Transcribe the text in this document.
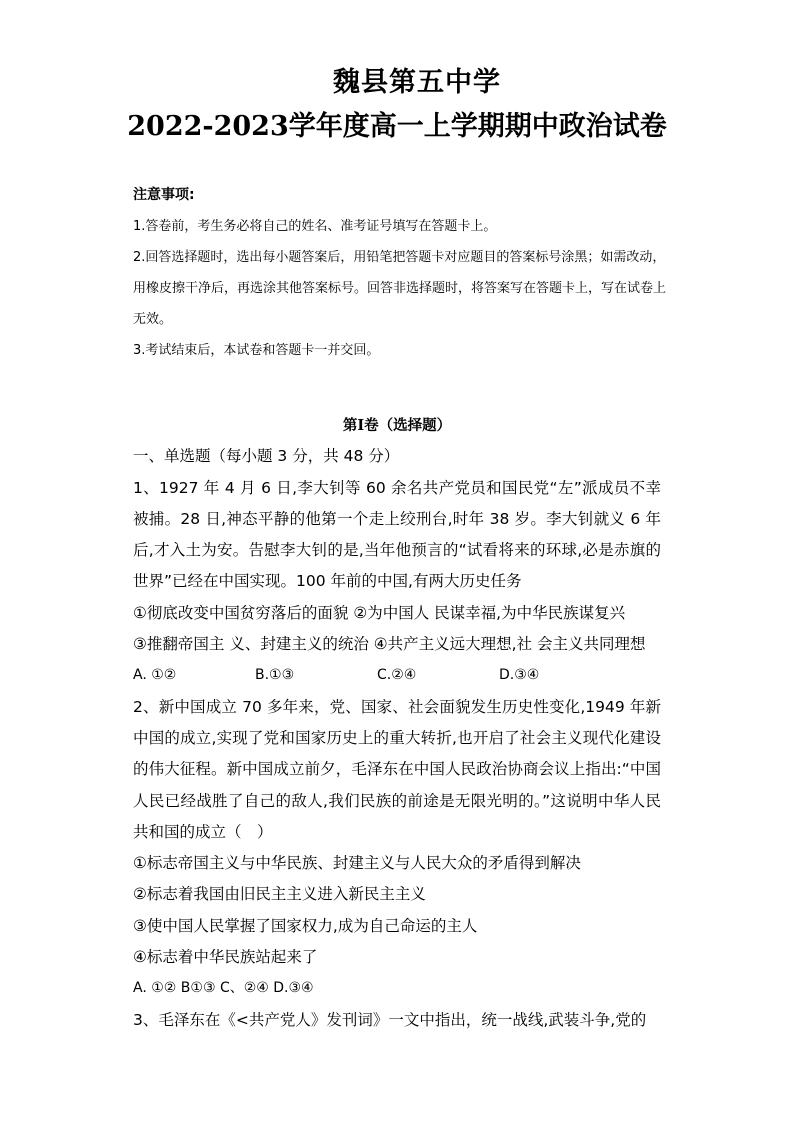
魏县第五中学
2022-2023学年度高一上学期期中政治试卷

注意事项:

1.答卷前，考生务必将自己的姓名、准考证号填写在答题卡上。

2.回答选择题时，选出每小题答案后，用铅笔把答题卡对应题目的答案标号涂黑；如需改动，用橡皮擦干净后，再选涂其他答案标号。回答非选择题时，将答案写在答题卡上，写在试卷上无效。

3.考试结束后，本试卷和答题卡一并交回。

第Ⅰ卷（选择题）

一、单选题（每小题 3 分，共 48 分）

1、1927 年 4 月 6 日,李大钊等 60 余名共产党员和国民党“左”派成员不幸被捕。28 日,神态平静的他第一个走上绞刑台,时年 38 岁。李大钊就义 6 年后,才入土为安。告慰李大钊的是,当年他预言的“试看将来的环球,必是赤旗的世界”已经在中国实现。100 年前的中国,有两大历史任务

①彻底改变中国贫穷落后的面貌 ②为中国人 民谋幸福,为中华民族谋复兴

③推翻帝国主 义、封建主义的统治 ④共产主义远大理想,社 会主义共同理想

A. ①②	B.①③	C.②④	D.③④

2、新中国成立 70 多年来，党、国家、社会面貌发生历史性变化,1949 年新中国的成立,实现了党和国家历史上的重大转折,也开启了社会主义现代化建设的伟大征程。新中国成立前夕，毛泽东在中国人民政治协商会议上指出:“中国人民已经战胜了自己的敌人,我们民族的前途是无限光明的。”这说明中华人民共和国的成立（　）

①标志帝国主义与中华民族、封建主义与人民大众的矛盾得到解决

②标志着我国由旧民主主义进入新民主主义

③使中国人民掌握了国家权力,成为自己命运的主人

④标志着中华民族站起来了

A. ①② B①③ C、②④ D.③④

3、毛泽东在《<共产党人》发刊词》一文中指出，统一战线,武装斗争,党的
